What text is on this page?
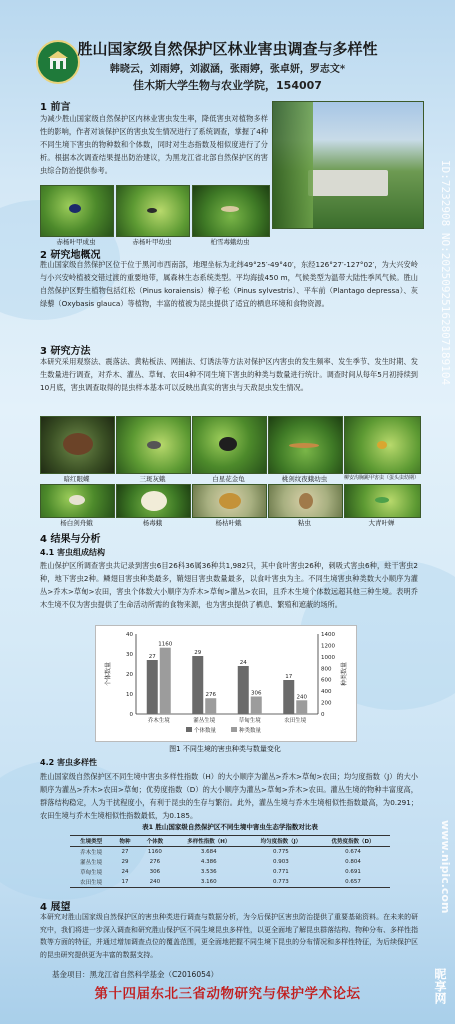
胜山国家级自然保护区林业害虫调查与多样性
韩晓云，刘雨婷，刘淑涵，张雨婷，张卓妍，罗志文*
佳木斯大学生物与农业学院，154007
1 前言
为减少胜山国家级自然保护区内林业害虫发生率，降低害虫对植物多样性的影响，作者对该保护区的害虫发生情况进行了系统调查，掌握了4种不同生境下害虫的物种数和个体数，同时对生态指数及相似度进行了分析。根据本次调查结果提出防治建议，为黑龙江省北部自然保护区的害虫综合防治提供参考。
赤杨叶甲成虫	赤杨叶甲幼虫	柏雪毒蛾幼虫
2 研究地概况
胜山国家级自然保护区位于位于黑河市西南部，地理坐标为北纬49°25′-49°40′，东经126°27′-127°02′，为大兴安岭与小兴安岭植被交错过渡的重要地带，属森林生态系统类型。平均海拔450 m，气候类型为温带大陆性季风气候。胜山自然保护区野生植物包括红松（Pinus koraiensis）樟子松（Pinus sylvestris）、平车前（Plantago depressa）、灰绿藜（Oxybasis glauca）等植物，丰富的植被为昆虫提供了适宜的栖息环境和食物资源。
3 研究方法
本研究采用观察法、震落法、黄粘板法、网捕法、灯诱法等方法对保护区内害虫的发生频率、发生季节、发生时期、发生数量进行调查，对乔木、灌丛、草甸、农田4种不同生境下害虫的种类与数量进行统计。调查时间从每年5月初持续到10月底，害虫调查取得的昆虫样本基本可以反映出真实的害虫与天敌昆虫发生情况。
暗红眼蝶	三斑灰蛾	白星花金龟	桃剑纹夜蛾幼虫	柳安沟胸跳甲害虫（蛋头虫幼期）
杨白剑舟蛾	杨毒蛾	杨枯叶蛾	粘虫	大青叶蝉
4 结果与分析
4.1 害虫组成结构
胜山保护区所调查害虫共记录到害虫6目26科36属36种共1,982只，其中食叶害虫26种，刺吸式害虫6种，蛀干害虫2种，地下害虫2种。鳞翅目害虫种类最多，鞘翅目害虫数量最多，以食叶害虫为主。不同生境害虫种类数大小顺序为灌丛>乔木>草甸>农田，害虫个体数大小顺序为乔木>草甸>灌丛>农田，且乔木生境个体数远超其他三种生境。表明乔木生境不仅为害虫提供了生命活动所需的食物来源，也为害虫提供了栖息、繁殖和遮蔽的场所。
0
10
20
30
40
0
200
400
600
800
1000
1200
1400
个体数量	种类数量
27
1160
乔木生境
29
276
灌丛生境
24
306
草甸生境
17
240
农田生境
个体数量	种类数量
图1 不同生境的害虫种类与数量变化
4.2 害虫多样性
胜山国家级自然保护区不同生境中害虫多样性指数（H）的大小顺序为灌丛>乔木>草甸>农田；均匀度指数（J）的大小顺序为灌丛>乔木>农田>草甸；优势度指数（D）的大小顺序为灌丛>草甸>乔木>农田。灌丛生境的物种丰富度高，群落结构稳定，人为干扰程度小，有利于昆虫的生存与繁衍。此外，灌丛生境与乔木生境相似性指数最高，为0.291；农田生境与乔木生境相似性指数最低，为0.185。
表1 胜山国家级自然保护区不同生境中害虫生态学指数对比表
生境类型	物种	个体数	多样性指数（H）	均匀度指数（J）	优势度指数（D）
乔木生境	27	1160	3.684	0.775	0.674
灌丛生境	29	276	4.386	0.903	0.804
草甸生境	24	306	3.536	0.771	0.691
农田生境	17	240	3.160	0.773	0.657
4 展望
本研究对胜山国家级自然保护区的害虫种类进行调查与数据分析，为今后保护区害虫防治提供了重要基础资料。在未来的研究中，我们将进一步深入调查和研究胜山保护区不同生境昆虫多样性，以更全面地了解昆虫群落结构、物种分布、多样性指数等方面的特征，并通过增加调查点位的覆盖范围，更全面地把握不同生境下昆虫的分布情况和多样性特征，为后续保护区的昆虫研究提供更为丰富的数据支持。
基金项目：黑龙江省自然科学基金（C2016054）
第十四届东北三省动物研究与保护学术论坛
ID:7232908 NO:20250925162807189104
www.nipic.com
昵享网
